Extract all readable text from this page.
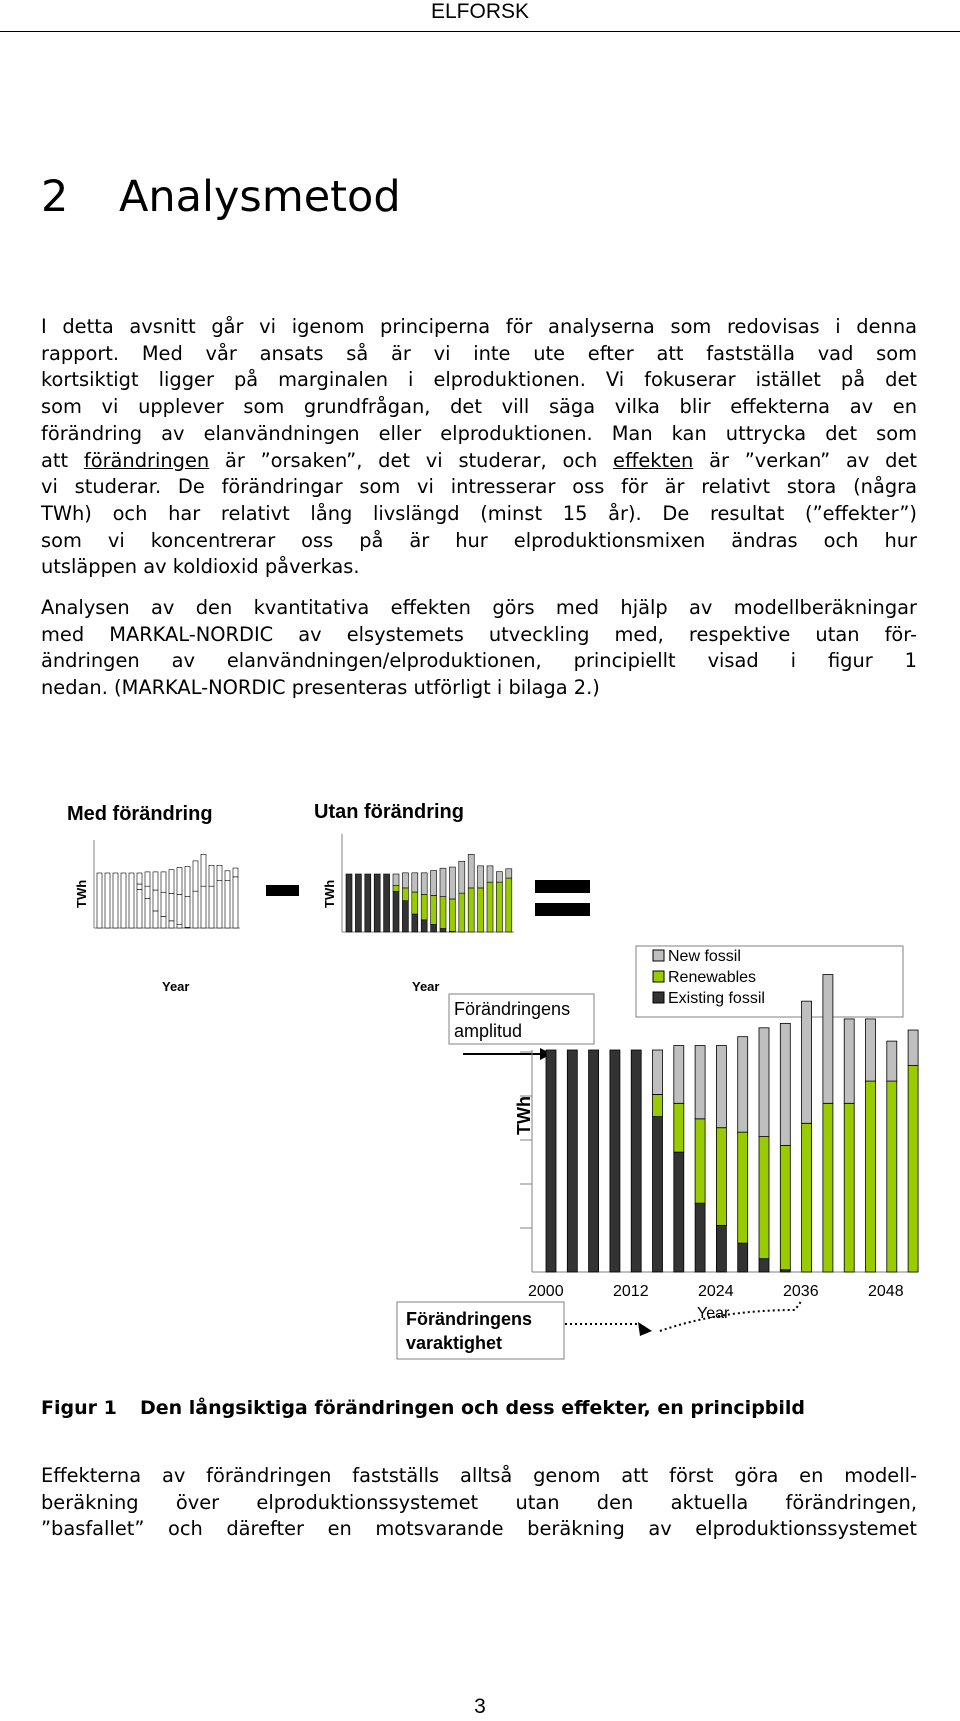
ELFORSK
2 Analysmetod
I detta avsnitt går vi igenom principerna för analyserna som redovisas i denna
rapport. Med vår ansats så är vi inte ute efter att fastställa vad som
kortsiktigt ligger på marginalen i elproduktionen. Vi fokuserar istället på det
som vi upplever som grundfrågan, det vill säga vilka blir effekterna av en
förändring av elanvändningen eller elproduktionen. Man kan uttrycka det som
att förändringen är ”orsaken”, det vi studerar, och effekten är ”verkan” av det
vi studerar. De förändringar som vi intresserar oss för är relativt stora (några
TWh) och har relativt lång livslängd (minst 15 år). De resultat (”effekter”)
som vi koncentrerar oss på är hur elproduktionsmixen ändras och hur
utsläppen av koldioxid påverkas.
Analysen av den kvantitativa effekten görs med hjälp av modellberäkningar
med MARKAL-NORDIC av elsystemets utveckling med, respektive utan för-
ändringen av elanvändningen/elproduktionen, principiellt visad i figur 1
nedan. (MARKAL-NORDIC presenteras utförligt i bilaga 2.)
Med förändring	Utan förändring
TWh
Year
TWh
Year
Förändringens
amplitud
New fossil
Renewables
Existing fossil
2000	2012	2024	2036	2048
TWh
Year
Förändringens
varaktighet

Figur 1 Den långsiktiga förändringen och dess effekter, en principbild

Effekterna av förändringen fastställs alltså genom att först göra en modell-
beräkning över elproduktionssystemet utan den aktuella förändringen,
”basfallet” och därefter en motsvarande beräkning av elproduktionssystemet
3
